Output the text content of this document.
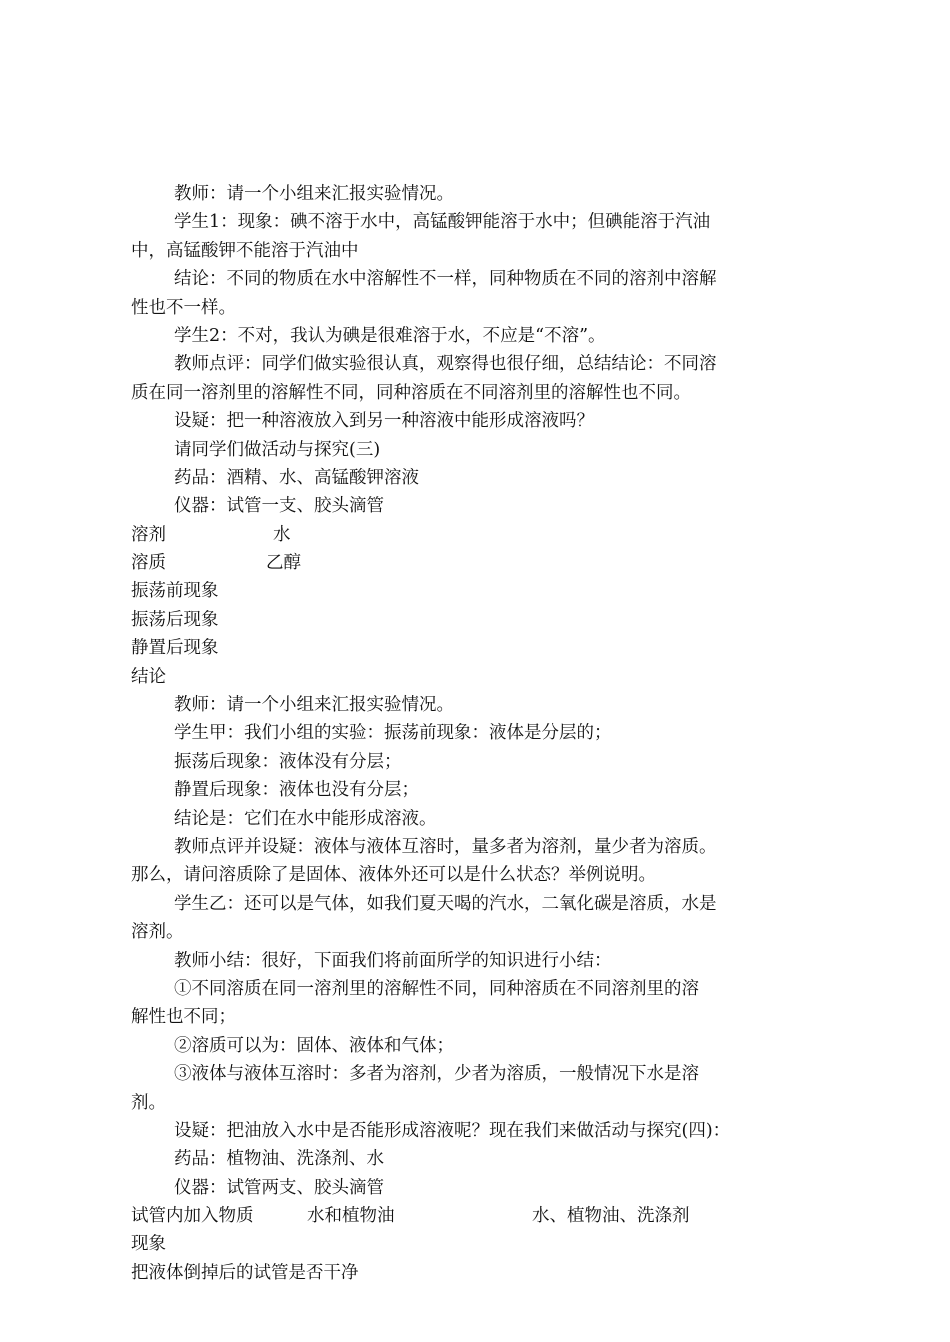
教师：请一个小组来汇报实验情况。
学生1：现象：碘不溶于水中，高锰酸钾能溶于水中；但碘能溶于汽油
中，高锰酸钾不能溶于汽油中
结论：不同的物质在水中溶解性不一样，同种物质在不同的溶剂中溶解
性也不一样。
学生2：不对，我认为碘是很难溶于水，不应是“不溶”。
教师点评：同学们做实验很认真，观察得也很仔细，总结结论：不同溶
质在同一溶剂里的溶解性不同，同种溶质在不同溶剂里的溶解性也不同。
设疑：把一种溶液放入到另一种溶液中能形成溶液吗？
请同学们做活动与探究(三)
药品：酒精、水、高锰酸钾溶液
仪器：试管一支、胶头滴管
溶剂	水
溶质	乙醇
振荡前现象
振荡后现象
静置后现象
结论
教师：请一个小组来汇报实验情况。
学生甲：我们小组的实验：振荡前现象：液体是分层的；
振荡后现象：液体没有分层；
静置后现象：液体也没有分层；
结论是：它们在水中能形成溶液。
教师点评并设疑：液体与液体互溶时，量多者为溶剂，量少者为溶质。
那么，请问溶质除了是固体、液体外还可以是什么状态？举例说明。
学生乙：还可以是气体，如我们夏天喝的汽水，二氧化碳是溶质，水是
溶剂。
教师小结：很好，下面我们将前面所学的知识进行小结：
①不同溶质在同一溶剂里的溶解性不同，同种溶质在不同溶剂里的溶
解性也不同；
②溶质可以为：固体、液体和气体；
③液体与液体互溶时：多者为溶剂，少者为溶质，一般情况下水是溶
剂。
设疑：把油放入水中是否能形成溶液呢？现在我们来做活动与探究(四)：
药品：植物油、洗涤剂、水
仪器：试管两支、胶头滴管
试管内加入物质	水和植物油	水、植物油、洗涤剂
现象
把液体倒掉后的试管是否干净
